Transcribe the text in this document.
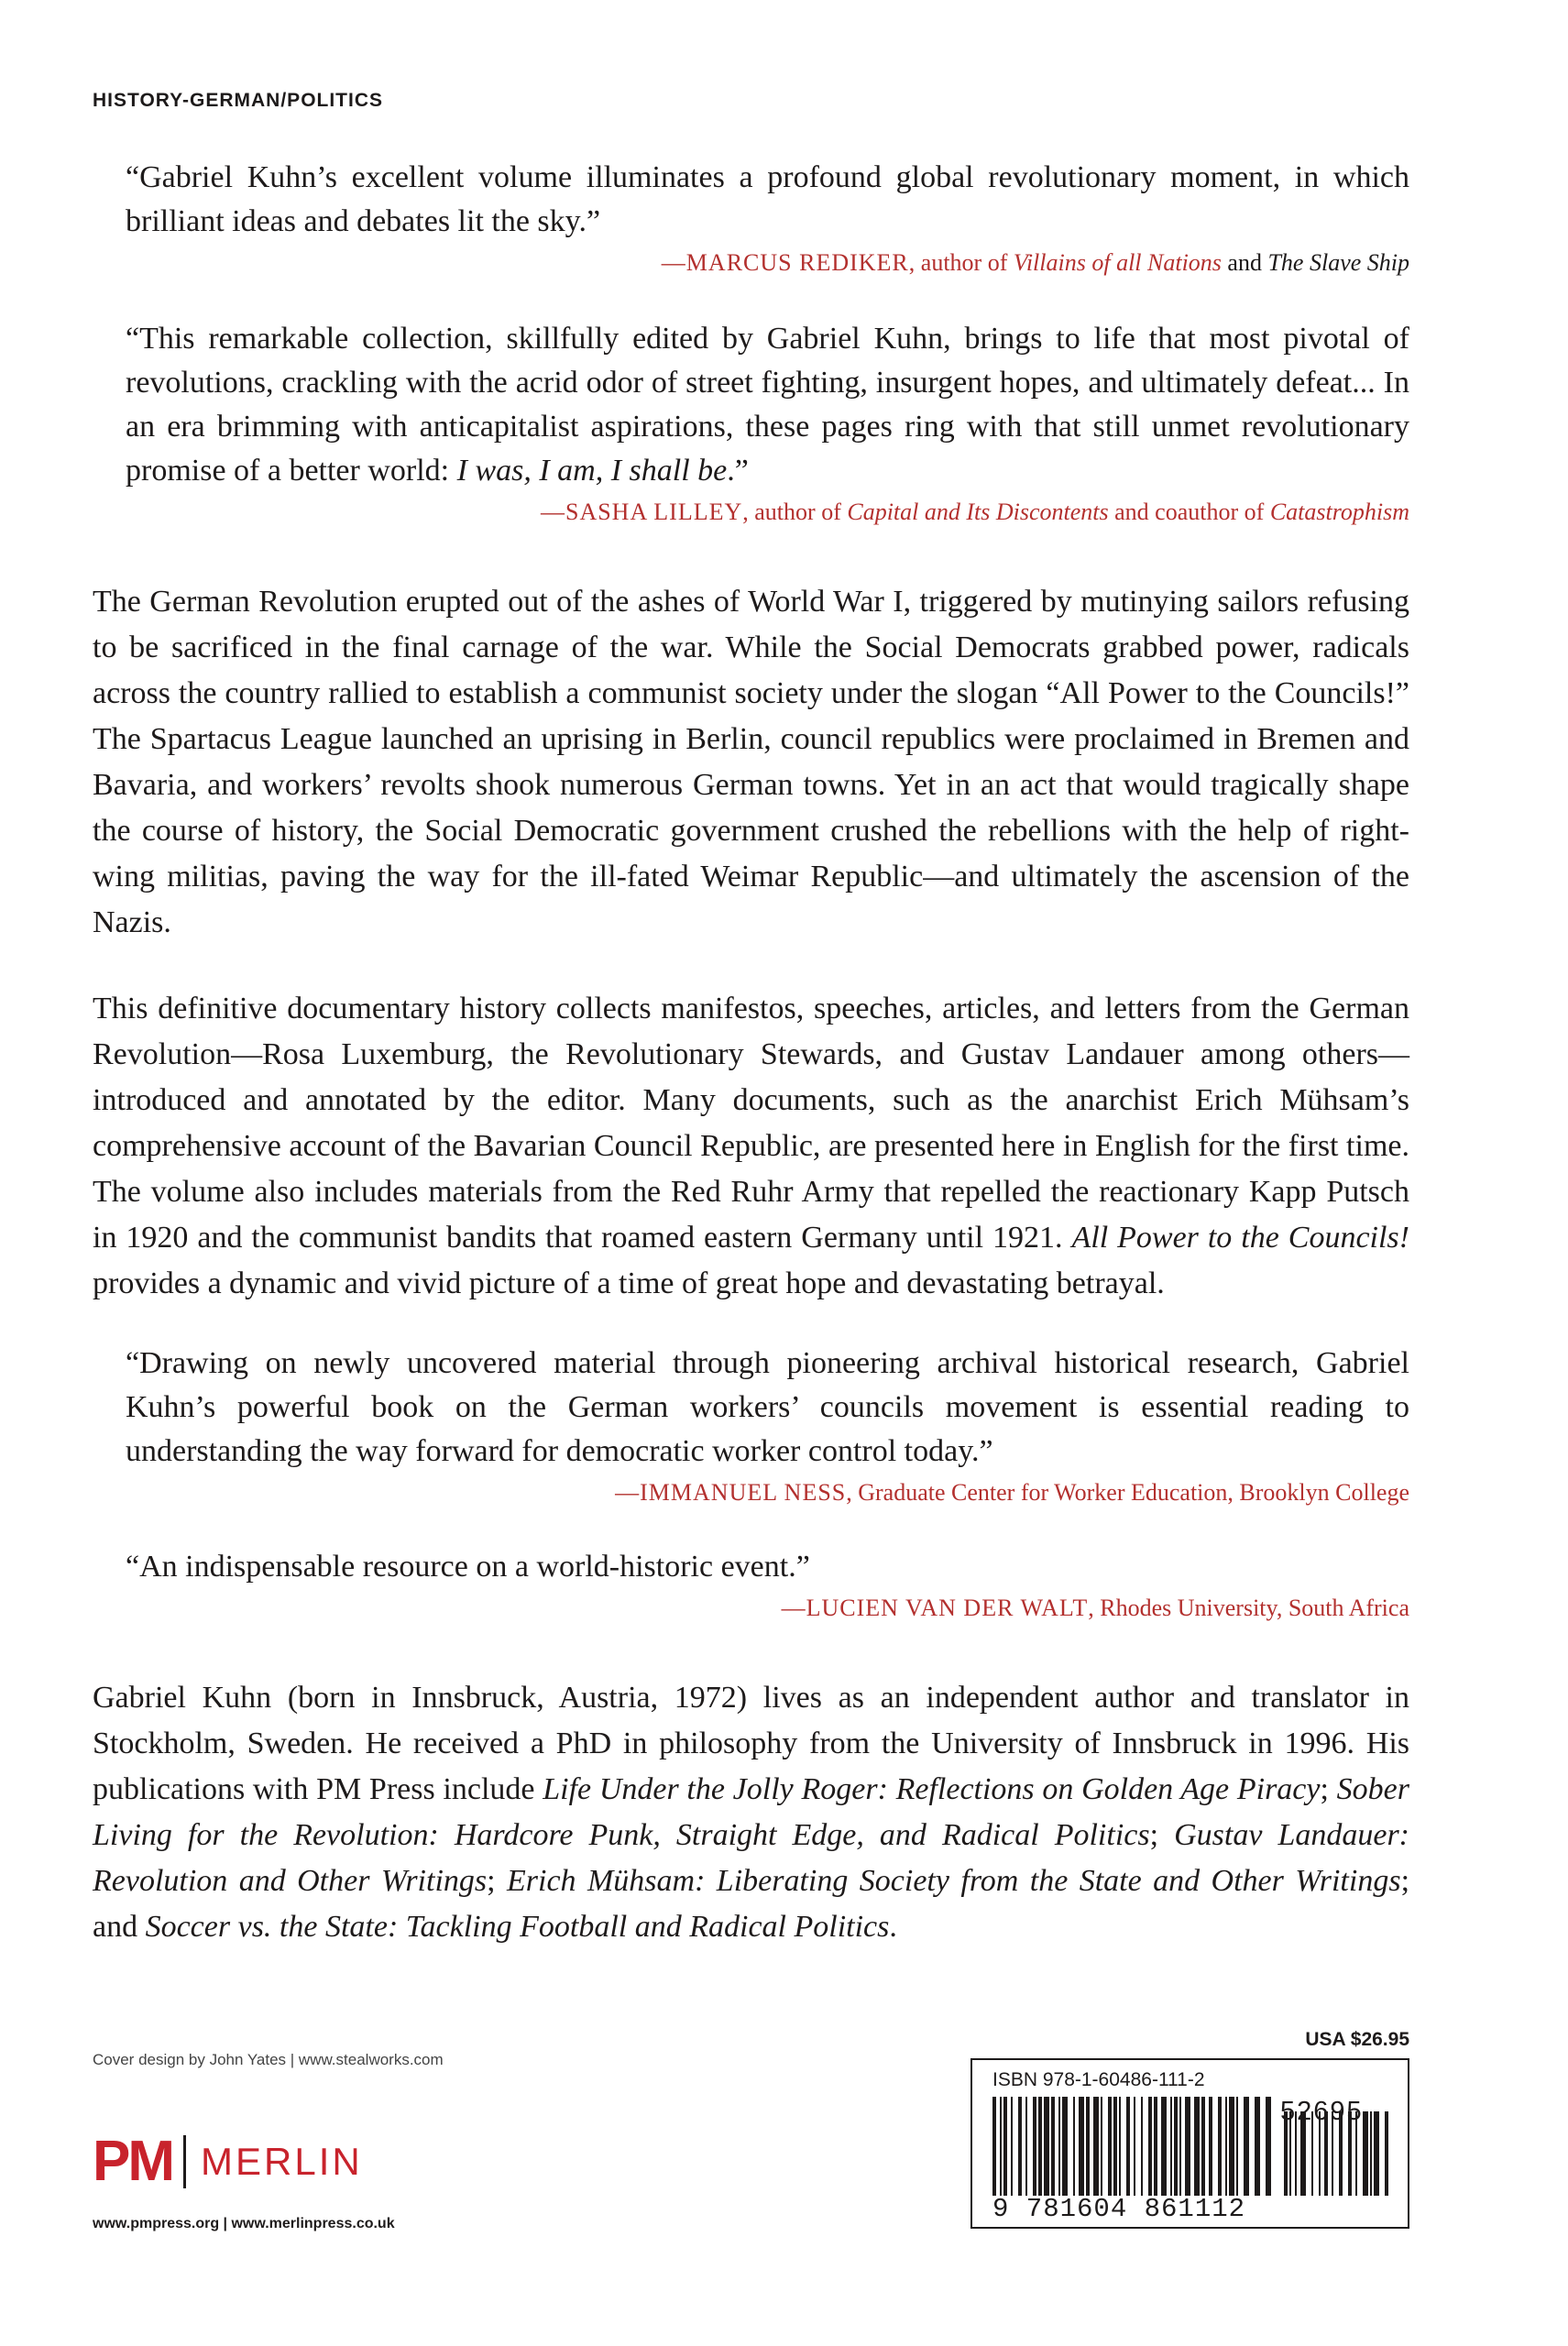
HISTORY-GERMAN/POLITICS
“Gabriel Kuhn’s excellent volume illuminates a profound global revolutionary moment, in which brilliant ideas and debates lit the sky.”
—MARCUS REDIKER, author of Villains of all Nations and The Slave Ship
“This remarkable collection, skillfully edited by Gabriel Kuhn, brings to life that most pivotal of revolutions, crackling with the acrid odor of street fighting, insurgent hopes, and ultimately defeat... In an era brimming with anticapitalist aspirations, these pages ring with that still unmet revolutionary promise of a better world: I was, I am, I shall be.”
—SASHA LILLEY, author of Capital and Its Discontents and coauthor of Catastrophism
The German Revolution erupted out of the ashes of World War I, triggered by mutinying sailors refusing to be sacrificed in the final carnage of the war. While the Social Democrats grabbed power, radicals across the country rallied to establish a communist society under the slogan “All Power to the Councils!” The Spartacus League launched an uprising in Berlin, council republics were proclaimed in Bremen and Bavaria, and workers’ revolts shook numerous German towns. Yet in an act that would tragically shape the course of history, the Social Democratic government crushed the rebellions with the help of right-wing militias, paving the way for the ill-fated Weimar Republic—and ultimately the ascension of the Nazis.
This definitive documentary history collects manifestos, speeches, articles, and letters from the German Revolution—Rosa Luxemburg, the Revolutionary Stewards, and Gustav Landauer among others—introduced and annotated by the editor. Many documents, such as the anarchist Erich Mühsam’s comprehensive account of the Bavarian Council Republic, are presented here in English for the first time. The volume also includes materials from the Red Ruhr Army that repelled the reactionary Kapp Putsch in 1920 and the communist bandits that roamed eastern Germany until 1921. All Power to the Councils! provides a dynamic and vivid picture of a time of great hope and devastating betrayal.
“Drawing on newly uncovered material through pioneering archival historical research, Gabriel Kuhn’s powerful book on the German workers’ councils movement is essential reading to understanding the way forward for democratic worker control today.”
—IMMANUEL NESS, Graduate Center for Worker Education, Brooklyn College
“An indispensable resource on a world-historic event.”
—LUCIEN VAN DER WALT, Rhodes University, South Africa
Gabriel Kuhn (born in Innsbruck, Austria, 1972) lives as an independent author and translator in Stockholm, Sweden. He received a PhD in philosophy from the University of Innsbruck in 1996. His publications with PM Press include Life Under the Jolly Roger: Reflections on Golden Age Piracy; Sober Living for the Revolution: Hardcore Punk, Straight Edge, and Radical Politics; Gustav Landauer: Revolution and Other Writings; Erich Mühsam: Liberating Society from the State and Other Writings; and Soccer vs. the State: Tackling Football and Radical Politics.
Cover design by John Yates | www.stealworks.com
PM MERLIN
www.pmpress.org | www.merlinpress.co.uk
USA $26.95
ISBN 978-1-60486-111-2
52695
9 781604 861112
